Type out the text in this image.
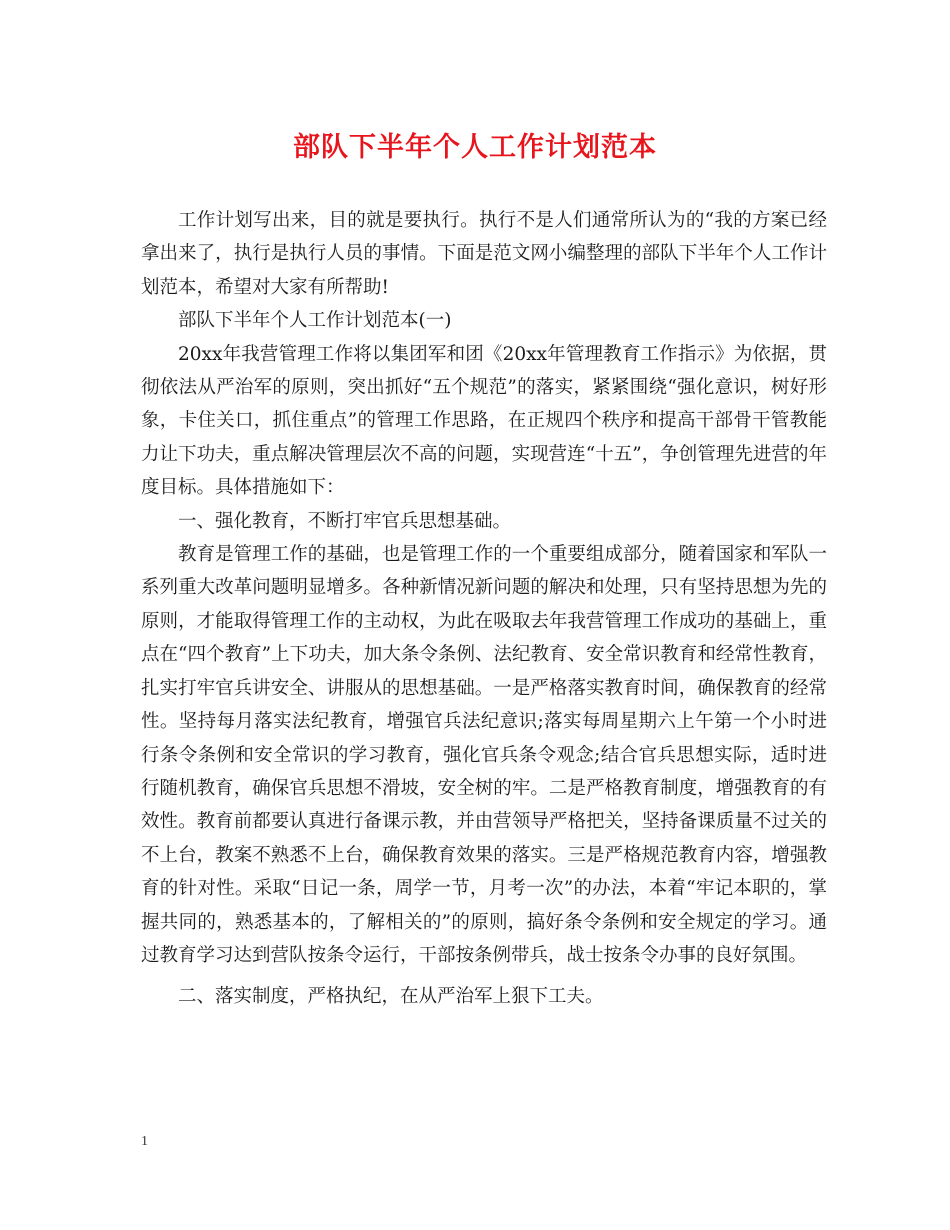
部队下半年个人工作计划范本

工作计划写出来，目的就是要执行。执行不是人们通常所认为的“我的方案已经拿出来了，执行是执行人员的事情。下面是范文网小编整理的部队下半年个人工作计划范本，希望对大家有所帮助!

部队下半年个人工作计划范本(一)

20xx年我营管理工作将以集团军和团《20xx年管理教育工作指示》为依据，贯彻依法从严治军的原则，突出抓好“五个规范”的落实，紧紧围绕“强化意识，树好形象，卡住关口，抓住重点”的管理工作思路，在正规四个秩序和提高干部骨干管教能力让下功夫，重点解决管理层次不高的问题，实现营连“十五”，争创管理先进营的年度目标。具体措施如下：

一、强化教育，不断打牢官兵思想基础。

教育是管理工作的基础，也是管理工作的一个重要组成部分，随着国家和军队一系列重大改革问题明显增多。各种新情况新问题的解决和处理，只有坚持思想为先的原则，才能取得管理工作的主动权，为此在吸取去年我营管理工作成功的基础上，重点在“四个教育”上下功夫，加大条令条例、法纪教育、安全常识教育和经常性教育，扎实打牢官兵讲安全、讲服从的思想基础。一是严格落实教育时间，确保教育的经常性。坚持每月落实法纪教育，增强官兵法纪意识;落实每周星期六上午第一个小时进行条令条例和安全常识的学习教育，强化官兵条令观念;结合官兵思想实际，适时进行随机教育，确保官兵思想不滑坡，安全树的牢。二是严格教育制度，增强教育的有效性。教育前都要认真进行备课示教，并由营领导严格把关，坚持备课质量不过关的不上台，教案不熟悉不上台，确保教育效果的落实。三是严格规范教育内容，增强教育的针对性。采取“日记一条，周学一节，月考一次”的办法，本着“牢记本职的，掌握共同的，熟悉基本的，了解相关的”的原则，搞好条令条例和安全规定的学习。通过教育学习达到营队按条令运行，干部按条例带兵，战士按条令办事的良好氛围。

二、落实制度，严格执纪，在从严治军上狠下工夫。

1
